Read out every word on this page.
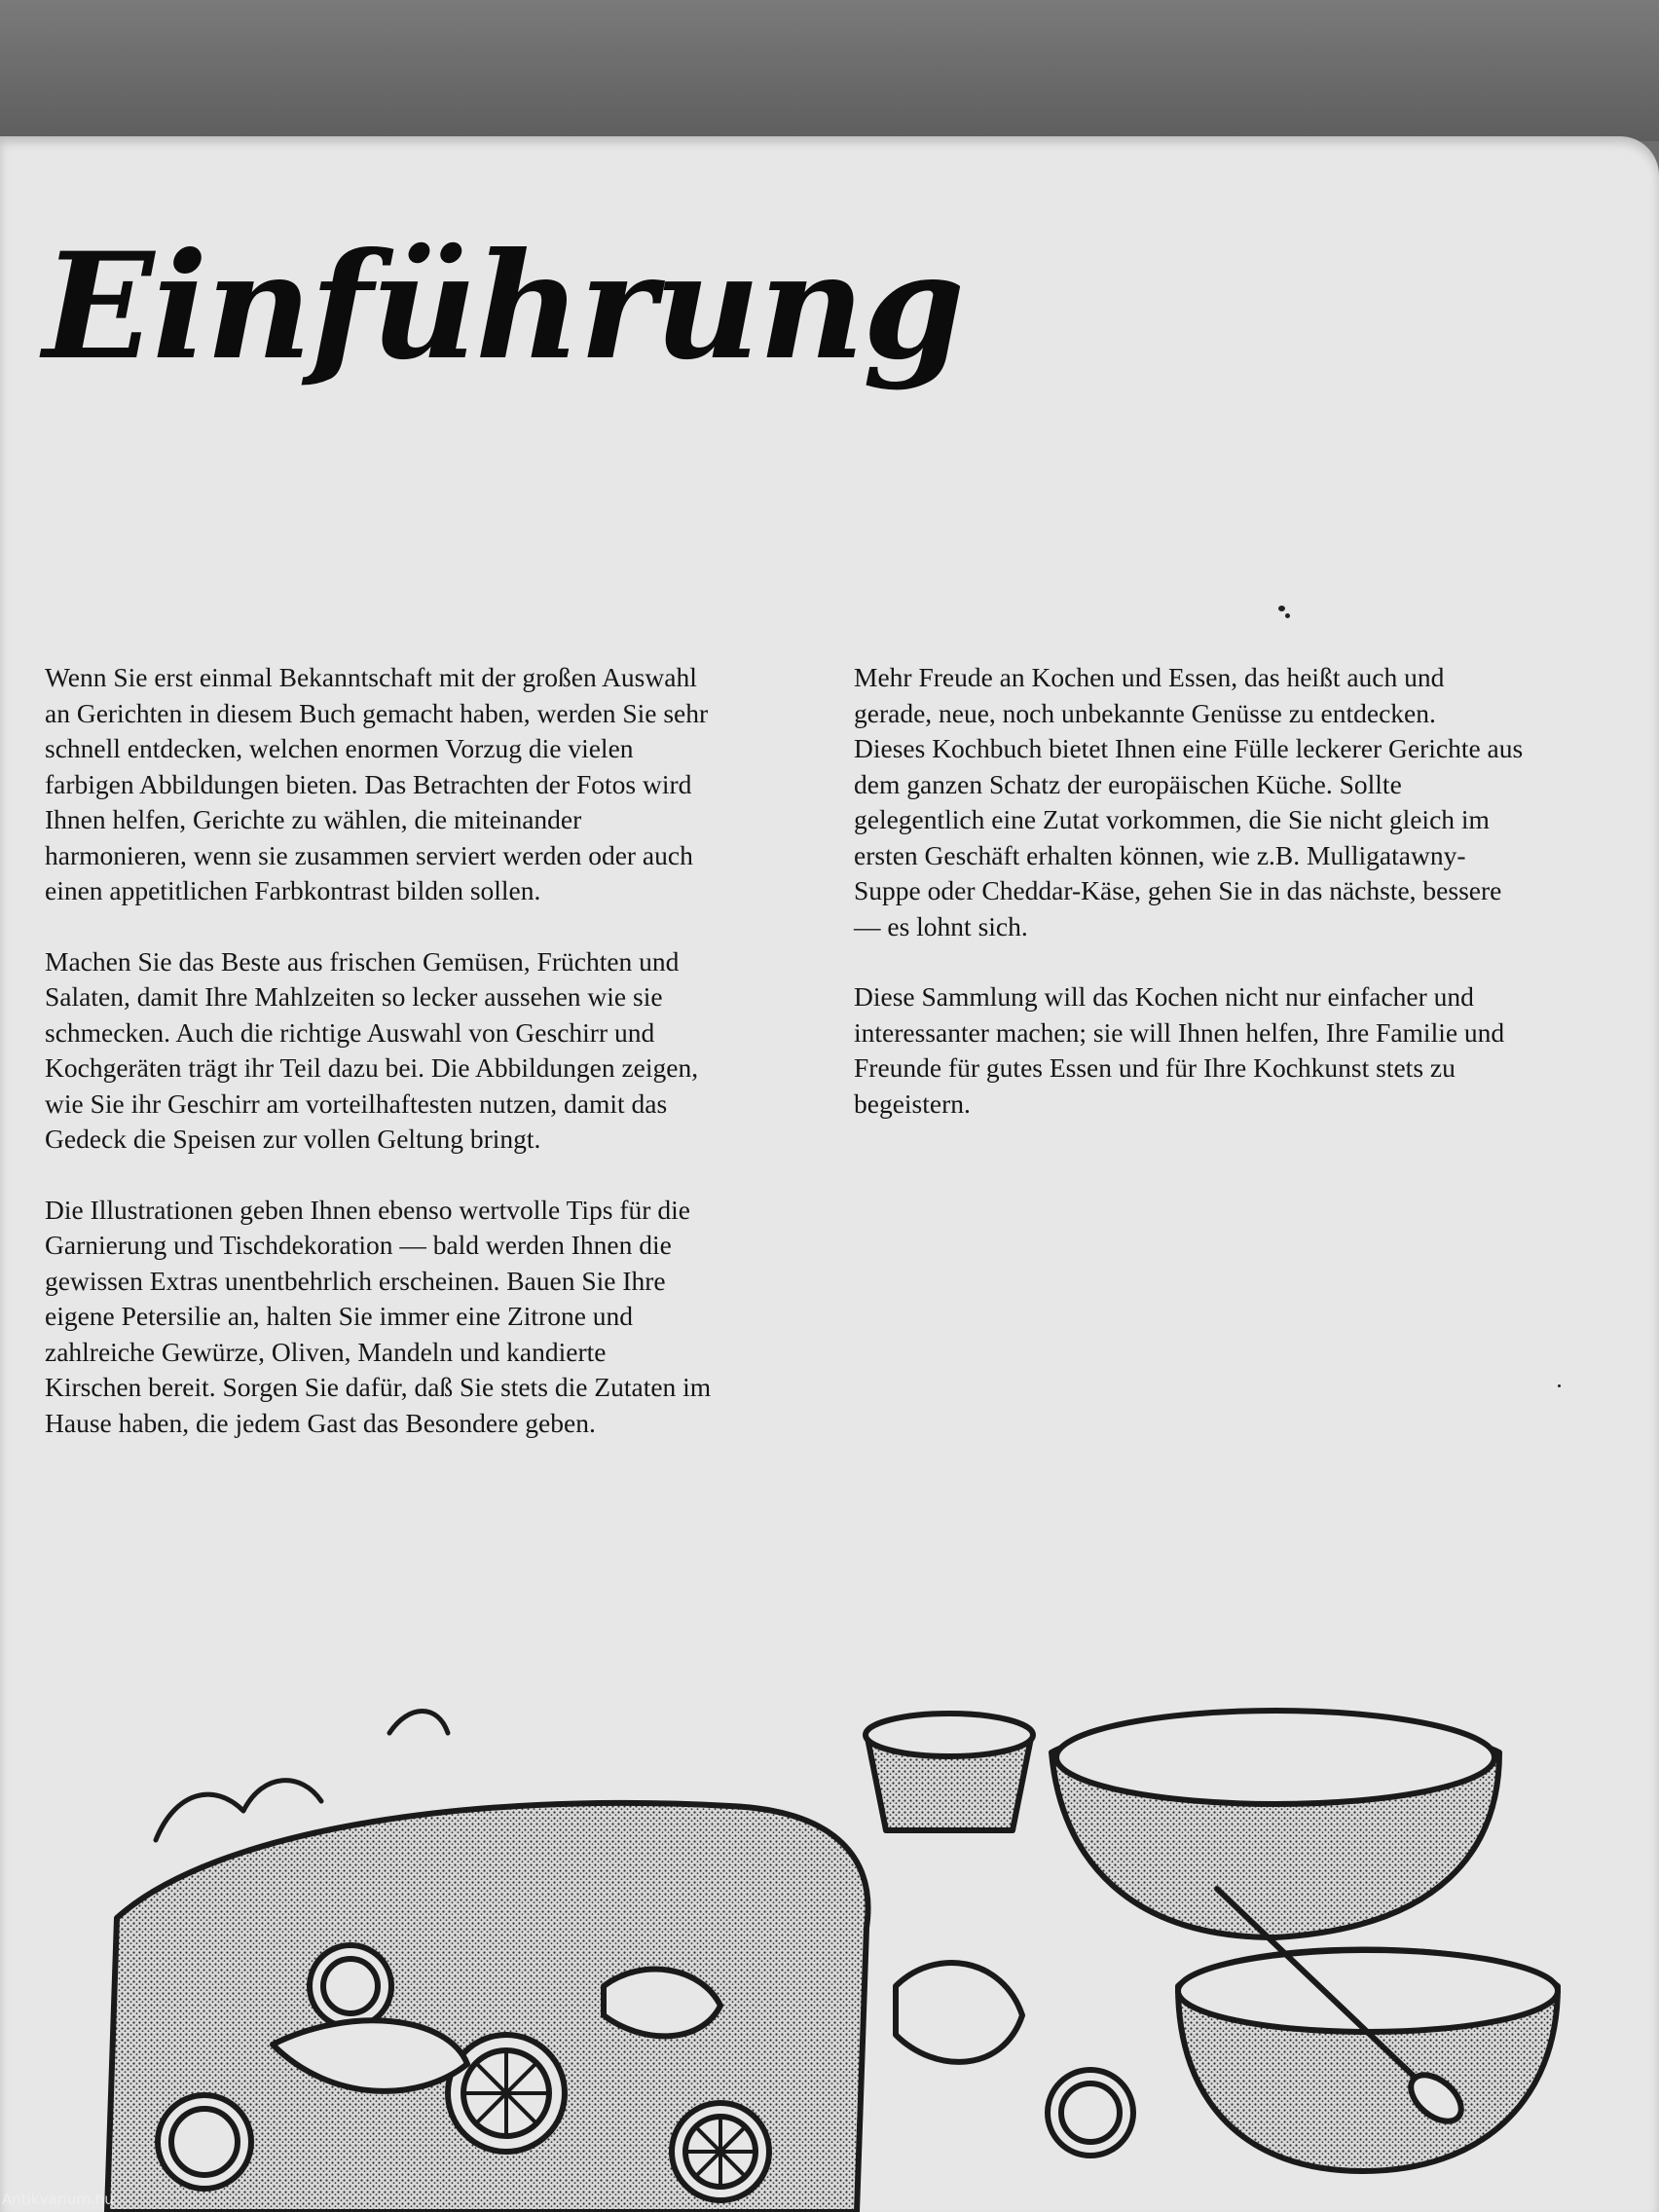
Einführung

Wenn Sie erst einmal Bekanntschaft mit der großen Auswahl
an Gerichten in diesem Buch gemacht haben, werden Sie sehr
schnell entdecken, welchen enormen Vorzug die vielen
farbigen Abbildungen bieten. Das Betrachten der Fotos wird
Ihnen helfen, Gerichte zu wählen, die miteinander
harmonieren, wenn sie zusammen serviert werden oder auch
einen appetitlichen Farbkontrast bilden sollen.

Machen Sie das Beste aus frischen Gemüsen, Früchten und
Salaten, damit Ihre Mahlzeiten so lecker aussehen wie sie
schmecken. Auch die richtige Auswahl von Geschirr und
Kochgeräten trägt ihr Teil dazu bei. Die Abbildungen zeigen,
wie Sie ihr Geschirr am vorteilhaftesten nutzen, damit das
Gedeck die Speisen zur vollen Geltung bringt.

Die Illustrationen geben Ihnen ebenso wertvolle Tips für die
Garnierung und Tischdekoration — bald werden Ihnen die
gewissen Extras unentbehrlich erscheinen. Bauen Sie Ihre
eigene Petersilie an, halten Sie immer eine Zitrone und
zahlreiche Gewürze, Oliven, Mandeln und kandierte
Kirschen bereit. Sorgen Sie dafür, daß Sie stets die Zutaten im
Hause haben, die jedem Gast das Besondere geben.

Mehr Freude an Kochen und Essen, das heißt auch und
gerade, neue, noch unbekannte Genüsse zu entdecken.
Dieses Kochbuch bietet Ihnen eine Fülle leckerer Gerichte aus
dem ganzen Schatz der europäischen Küche. Sollte
gelegentlich eine Zutat vorkommen, die Sie nicht gleich im
ersten Geschäft erhalten können, wie z.B. Mulligatawny-
Suppe oder Cheddar-Käse, gehen Sie in das nächste, bessere
— es lohnt sich.

Diese Sammlung will das Kochen nicht nur einfacher und
interessanter machen; sie will Ihnen helfen, Ihre Familie und
Freunde für gutes Essen und für Ihre Kochkunst stets zu
begeistern.

Antikvarium.hu
